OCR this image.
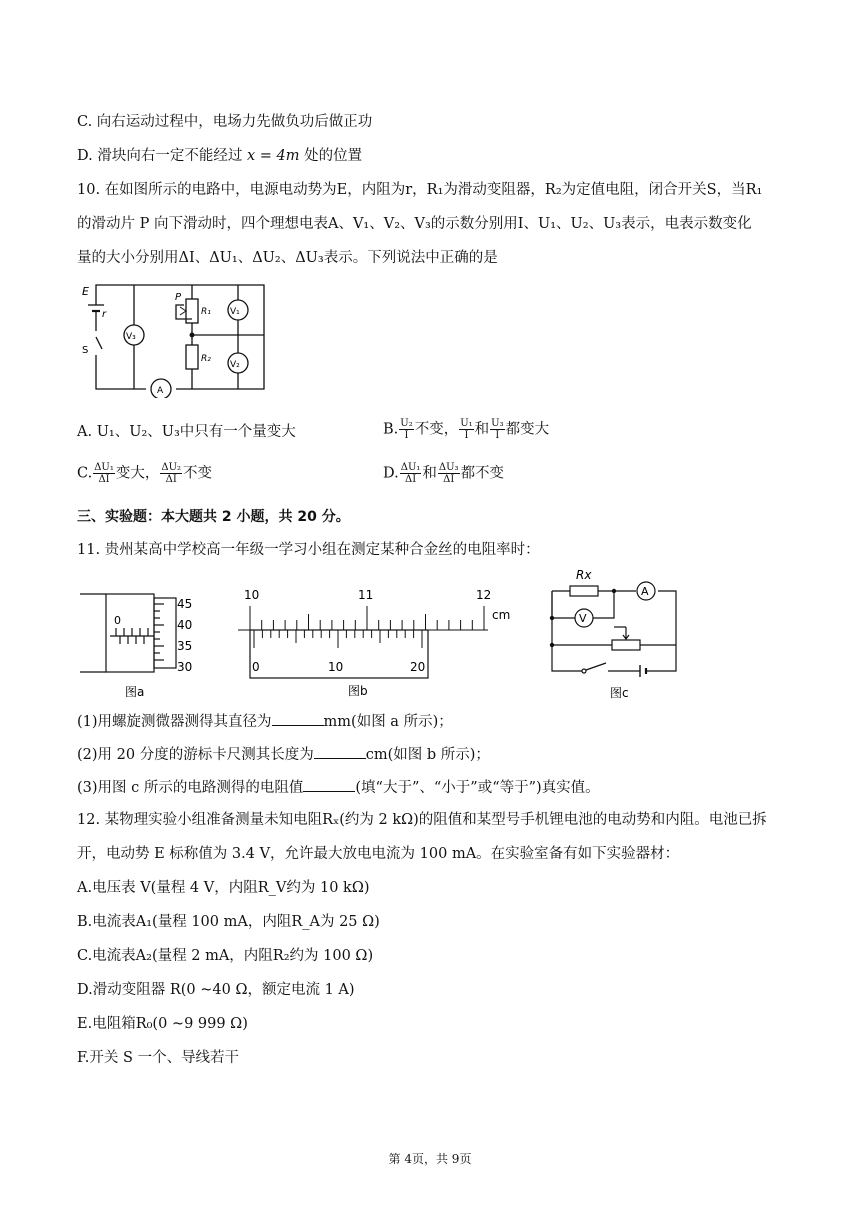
C. 向右运动过程中，电场力先做负功后做正功
D. 滑块向右一定不能经过 x = 4m 处的位置
10. 在如图所示的电路中，电源电动势为E，内阻为r，R₁为滑动变阻器，R₂为定值电阻，闭合开关S，当R₁
的滑动片 P 向下滑动时，四个理想电表A、V₁、V₂、V₃的示数分别用I、U₁、U₂、U₃表示，电表示数变化
量的大小分别用ΔI、ΔU₁、ΔU₂、ΔU₃表示。下列说法中正确的是
E
r
S
P
R₁
R₂
V₁
V₂
V₃
A
A. U₁、U₂、U₃中只有一个量变大	B. $\frac{\text{U₂}}{I}$ 不变， $\frac{\text{U₁}}{I}$ 和 $\frac{\text{U₃}}{I}$ 都变大
C. $\frac{\text{ΔU₁}}{\Delta I}$ 变大， $\frac{\text{ΔU₂}}{\Delta I}$ 不变	D. $\frac{\text{ΔU₁}}{\Delta I}$ 和 $\frac{\text{ΔU₃}}{\Delta I}$ 都不变
三、实验题：本大题共 2 小题，共 20 分。
11. 贵州某高中学校高一年级一学习小组在测定某种合金丝的电阻率时：
0
45
40
35
30
图a
10	11	12
cm
0	10	20
图b
Rx
A
V
图c
(1)用螺旋测微器测得其直径为	mm(如图 a 所示)；
(2)用 20 分度的游标卡尺测其长度为	cm(如图 b 所示)；
(3)用图 c 所示的电路测得的电阻值	(填“大于”、“小于”或“等于”)真实值。
12. 某物理实验小组准备测量未知电阻Rₓ(约为 2 kΩ)的阻值和某型号手机锂电池的电动势和内阻。电池已拆
开，电动势 E 标称值为 3.4 V，允许最大放电电流为 100 mA。在实验室备有如下实验器材：
A.电压表 V(量程 4 V，内阻R_V约为 10 kΩ)
B.电流表A₁(量程 100 mA，内阻R_A为 25 Ω)
C.电流表A₂(量程 2 mA，内阻R₂约为 100 Ω)
D.滑动变阻器 R(0 ~40 Ω，额定电流 1 A)
E.电阻箱R₀(0 ~9 999 Ω)
F.开关 S 一个、导线若干
第 4页，共 9页
